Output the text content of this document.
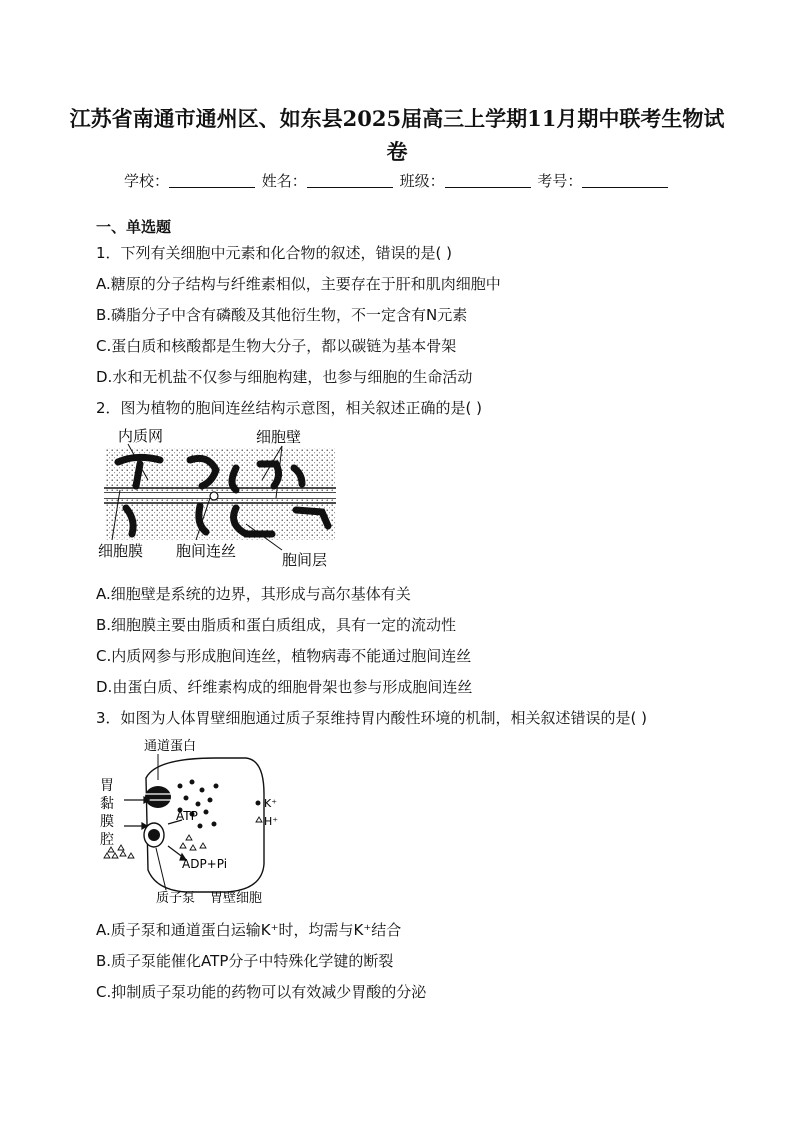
江苏省南通市通州区、如东县2025届高三上学期11月期中联考生物试
卷
学校：	姓名：	班级：	考号：
一、单选题
1．下列有关细胞中元素和化合物的叙述，错误的是( )
A.糖原的分子结构与纤维素相似，主要存在于肝和肌肉细胞中
B.磷脂分子中含有磷酸及其他衍生物，不一定含有N元素
C.蛋白质和核酸都是生物大分子，都以碳链为基本骨架
D.水和无机盐不仅参与细胞构建，也参与细胞的生命活动
2．图为植物的胞间连丝结构示意图，相关叙述正确的是( )
内质网	细胞壁
细胞膜 胞间连丝	胞间层
A.细胞壁是系统的边界，其形成与高尔基体有关
B.细胞膜主要由脂质和蛋白质组成，具有一定的流动性
C.内质网参与形成胞间连丝，植物病毒不能通过胞间连丝
D.由蛋白质、纤维素构成的细胞骨架也参与形成胞间连丝
3．如图为人体胃壁细胞通过质子泵维持胃内酸性环境的机制，相关叙述错误的是( )
通道蛋白
胃
黏
膜
腔
ATP
ADP+Pi
K⁺
H⁺
质子泵 胃壁细胞
A.质子泵和通道蛋白运输K⁺时，均需与K⁺结合
B.质子泵能催化ATP分子中特殊化学键的断裂
C.抑制质子泵功能的药物可以有效减少胃酸的分泌
